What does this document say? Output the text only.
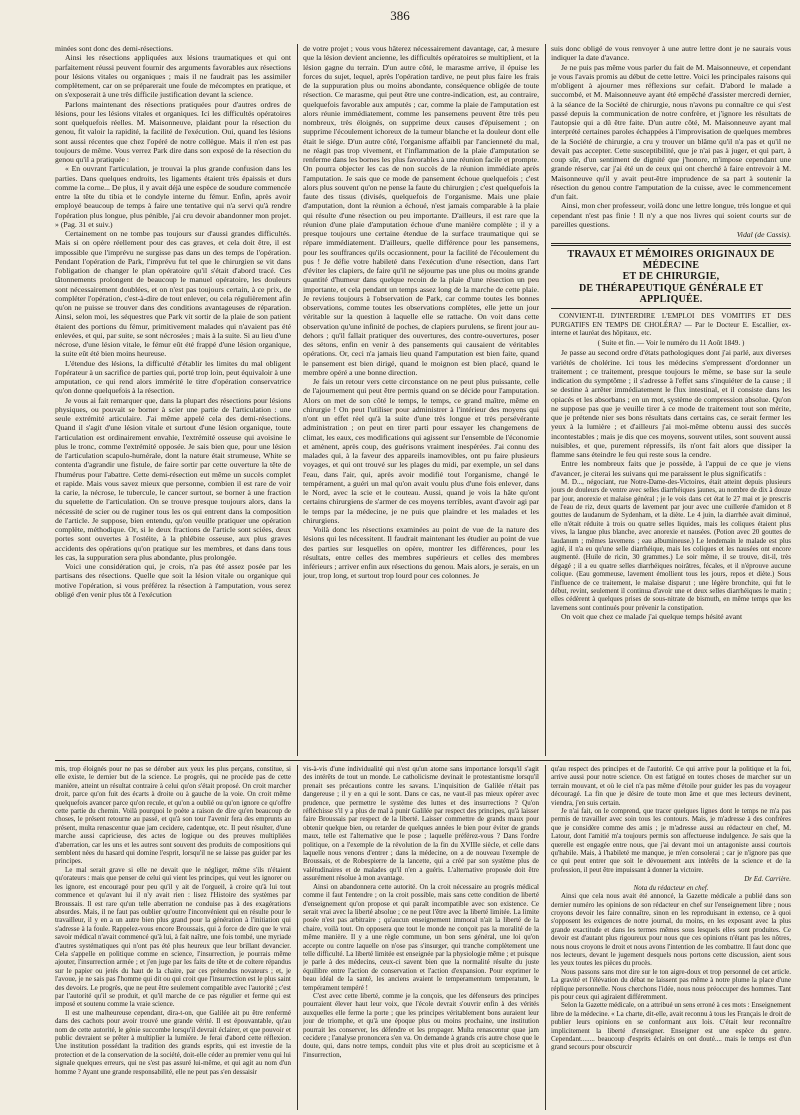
386

minées sont donc des demi-résections.

Ainsi les résections appliquées aux lésions traumatiques et qui ont parfaitement réussi peuvent fournir des arguments favorables aux résections pour lésions vitales ou organiques ; mais il ne faudrait pas les assimiler complètement, car on se préparerait une foule de mécomptes en pratique, et on s'exposerait à une très difficile justification devant la science.

Parlons maintenant des résections pratiquées pour d'autres ordres de lésions, pour les lésions vitales et organiques. Ici les difficultés opératoires sont quelquefois réelles. M. Maisonneuve, plaidant pour la résection du genou, fit valoir la rapidité, la facilité de l'exécution. Oui, quand les lésions sont aussi récentes que chez l'opéré de notre collègue. Mais il n'en est pas toujours de même. Vous verrez Park dire dans son exposé de la résection du genou qu'il a pratiquée :

« En ouvrant l'articulation, je trouvai la plus grande confusion dans les parties. Dans quelques endroits, les ligaments étaient très épaissis et durs comme la corne... De plus, il y avait déjà une espèce de soudure commencée entre la tête du tibia et le condyle interne du fémur. Enfin, après avoir employé beaucoup de temps à faire une tentative qui n'a servi qu'à rendre l'opération plus longue, plus pénible, j'ai cru devoir abandonner mon projet. » (Pag. 31 et suiv.)

Certainement on ne tombe pas toujours sur d'aussi grandes difficultés. Mais si on opère réellement pour des cas graves, et cela doit être, il est impossible que l'imprévu ne surgisse pas dans un des temps de l'opération. Pendant l'opération de Park, l'imprévu fut tel que le chirurgien se vit dans l'obligation de changer le plan opératoire qu'il s'était d'abord tracé. Ces tâtonnements prolongent de beaucoup le manuel opératoire, les douleurs sont nécessairement doublées, et on n'est pas toujours certain, à ce prix, de compléter l'opération, c'est-à-dire de tout enlever, ou cela régulièrement afin qu'on ne puisse se trouver dans des conditions avantageuses de réparation. Ainsi, selon moi, les séquestres que Park vit sortir de la plaie de son patient étaient des portions du fémur, primitivement malades qui n'avaient pas été enlevées, et qui, par suite, se sont nécrosées ; mais à la suite. Si au lieu d'une nécrose, d'une lésion vitale, le fémur eût été frappé d'une lésion organique, la suite eût été bien moins heureuse.

L'étendue des lésions, la difficulté d'établir les limites du mal obligent l'opérateur à un sacrifice de parties qui, porté trop loin, peut équivaloir à une amputation, ce qui rend alors immérité le titre d'opération conservatrice qu'on donne quelquefois à la résection.

Je vous ai fait remarquer que, dans la plupart des résections pour lésions physiques, ou pouvait se borner à scier une partie de l'articulation : une seule extrémité articulaire. J'ai même appelé cela des demi-résections. Quand il s'agit d'une lésion vitale et surtout d'une lésion organique, toute l'articulation est ordinairement envahie, l'extrémité osseuse qui avoisine le plus le tronc, comme l'extrémité opposée. Je sais bien que, pour une lésion de l'articulation scapulo-humérale, dont la nature était strumeuse, White se contenta d'agrandir une fistule, de faire sortir par cette ouverture la tête de l'humérus pour l'abattre. Cette demi-résection eut même un succès complet et rapide. Mais vous savez mieux que personne, combien il est rare de voir la carie, la nécrose, le tubercule, le cancer surtout, se borner à une fraction du squelette de l'articulation. On se trouve presque toujours alors, dans la nécessité de scier ou de ruginer tous les os qui entrent dans la composition de l'article. Je suppose, bien entendu, qu'on veuille pratiquer une opération complète, méthodique. Or, si le deux fractions de l'article sont sciées, deux portes sont ouvertes à l'ostéite, à la phlébite osseuse, aux plus graves accidents des opérations qu'on pratique sur les membres, et dans dans tous les cas, la suppuration sera plus abondante, plus prolongée.

Voici une considération qui, je crois, n'a pas été assez posée par les partisans des résections. Quelle que soit la lésion vitale ou organique qui motive l'opération, si vous préférez la résection à l'amputation, vous serez obligé d'en venir plus tôt à l'exécution

de votre projet ; vous vous hâterez nécessairement davantage, car, à mesure que la lésion devient ancienne, les difficultés opératoires se multiplient, et la lésion gagne du terrain. D'un autre côté, le marasme arrive, il épuise les forces du sujet, lequel, après l'opération tardive, ne peut plus faire les frais de la suppuration plus ou moins abondante, conséquence obligée de toute résection. Ce marasme, qui peut être une contre-indication, est, au contraire, quelquefois favorable aux amputés ; car, comme la plaie de l'amputation est alors réunie immédiatement, comme les pansemens peuvent être très peu nombreux, très éloignés, on supprime deux causes d'épuisement ; on supprime l'écoulement ichoreux de la tumeur blanche et la douleur dont elle était le siége. D'un autre côté, l'organisme affaibli par l'ancienneté du mal, ne réagit pas trop vivement, et l'inflammation de la plaie d'amputation se renferme dans les bornes les plus favorables à une réunion facile et prompte. On pourra objecter les cas de non succès de la réunion immédiate après l'amputation. Je sais que ce mode de pansement échoue quelquefois ; c'est alors plus souvent qu'on ne pense la faute du chirurgien ; c'est quelquefois la faute des tissus (divisés, quelquefois de l'organisme. Mais une plaie d'amputation, dont la réunion a échoué, n'est jamais comparable à la plaie qui résulte d'une résection ou peu importante. D'ailleurs, il est rare que la réunion d'une plaie d'amputation échoue d'une manière complète ; il y a presque toujours une certaine étendue de la surface traumatique qui se répare immédiatement. D'ailleurs, quelle différence pour les pansemens, pour les souffrances qu'ils occasionnent, pour la facilité de l'écoulement du pus ! Je défie votre habileté dans l'exécution d'une résection, dans l'art d'éviter les clapiers, de faire qu'il ne séjourne pas une plus ou moins grande quantité d'humeur dans quelque recoin de la plaie d'une résection un peu importante, et cela pendant un temps assez long de la marche de cette plaie. Je reviens toujours à l'observation de Park, car comme toutes les bonnes observations, comme toutes les observations complètes, elle jette un jour véritable sur la question à laquelle elle se rattache. On voit dans cette observation qu'une infinité de poches, de clapiers purulens, se firent jour au-dehors ; qu'il fallait pratiquer des ouvertures, des contre-ouvertures, poser des sétons, enfin en venir à des pansements qui causaient de véritables opérations. Or, ceci n'a jamais lieu quand l'amputation est bien faite, quand le pansement est bien dirigé, quand le moignon est bien placé, quand le membre opéré a une bonne direction.

Je fais un retour vers cette circonstance on ne peut plus puissante, celle de l'ajournement qui peut être permis quand on se décide pour l'amputation. Alors on met de son côté le temps, le temps, ce grand maître, même en chirurgie ! On peut l'utiliser pour administrer à l'intérieur des moyens qui n'ont un effet réel qu'à la suite d'une très longue et très persévérante administration ; on peut en tirer parti pour essayer les changemens de climat, les eaux, ces modifications qui agissent sur l'ensemble de l'économie et amènent, après coup, des guérisons vraiment inespérées. J'ai connu des malades qui, à la faveur des appareils inamovibles, ont pu faire plusieurs voyages, et qui ont trouvé sur les plages du midi, par exemple, un sel dans l'eau, dans l'air, qui, après avoir modifié tout l'organisme, changé le tempérament, a guéri un mal qu'on avait voulu plus d'une fois enlever, dans le Nord, avec la scie et le couteau. Aussi, quand je vois la hâte qu'ont certains chirurgiens de s'armer de ces moyens terribles, avant d'avoir agi par le temps par la médecine, je ne puis que plaindre et les malades et les chirurgiens.

Voilà donc les résections examinées au point de vue de la nature des lésions qui les nécessitent. Il faudrait maintenant les étudier au point de vue des parties sur lesquelles on opère, montrer les différences, pour les résultats, entre celles des membres supérieurs et celles des membres inférieurs ; arriver enfin aux résections du genou. Mais alors, je serais, en un jour, trop long, et surtout trop lourd pour ces colonnes. Je

suis donc obligé de vous renvoyer à une autre lettre dont je ne saurais vous indiquer la date d'avance.

Je ne puis pas même vous parler du fait de M. Maisonneuve, et cependant je vous l'avais promis au début de cette lettre. Voici les principales raisons qui m'obligent à ajourner mes réflexions sur cefait. D'abord le malade a succombé, et M. Maisonneuve ayant été empêché d'assister mercredi dernier, à la séance de la Société de chirurgie, nous n'avons pu connaître ce qui s'est passé depuis la communication de notre confrère, et j'ignore les résultats de l'autopsie qui a dû être faite. D'un autre côté, M. Maisonneuve ayant mal interprété certaines paroles échappées à l'improvisation de quelques membres de la Société de chirurgie, a cru y trouver un blâme qu'il n'a pas et qu'il ne devait pas accepter. Cette susceptibilité, que je n'ai pas à juger, et qui part, à coup sûr, d'un sentiment de dignité que j'honore, m'impose cependant une grande réserve, car j'ai été un de ceux qui ont cherché à faire entrevoir à M. Maisonneuve qu'il y avait peut-être imprudence de sa part à soutenir la résection du genou contre l'amputation de la cuisse, avec le commencement d'un fait.

Ainsi, mon cher professeur, voilà donc une lettre longue, très longue et qui cependant n'est pas finie ! Il n'y a que nos livres qui soient courts sur de pareilles questions.

Vidal (de Cassis).

TRAVAUX ET MÉMOIRES ORIGINAUX DE MÉDECINE
ET DE CHIRURGIE,
DE THÉRAPEUTIQUE GÉNÉRALE ET APPLIQUÉE.
CONVIENT-IL D'INTERDIRE L'EMPLOI DES VOMITIFS ET DES PURGATIFS EN TEMPS DE CHOLÉRA? — Par le Docteur E. Escallier, ex-interne et lauréat des hôpitaux, etc.
( Suite et fin. — Voir le numéro du 11 Août 1849. )

Je passe au second ordre d'états pathologiques dont j'ai parlé, aux diverses variétés de cholérine. Ici tous les médecins s'empressent d'ordonner un traitement ; ce traitement, presque toujours le même, se base sur la seule indication du symptôme ; il s'adresse à l'effet sans s'inquiéter de la cause ; il se destine à arrêter immédiatement le flux intestinal, et il consiste dans les opiacés et les absorbans ; en un mot, système de compression absolue. Qu'on ne suppose pas que je veuille tirer à ce mode de traitement tout son mérite, que je prétende nier ses bons résultats dans certains cas, ce serait fermer les yeux à la lumière ; et d'ailleurs j'ai moi-même obtenu aussi des succès incontestables ; mais je dis que ces moyens, souvent utiles, sont souvent aussi nuisibles, et que, purement répressifs, ils n'ont fait alors que dissiper la flamme sans éteindre le feu qui reste sous la cendre.

Entre les nombreux faits que je possède, à l'appui de ce que je viens d'avancer, je citerai les suivans qui me paraissent le plus significatifs :

M. D..., négociant, rue Notre-Dame-des-Victoires, était atteint depuis plusieurs jours de douleurs de ventre avec selles diarrhéiques jaunes, au nombre de dix à douze par jour, anorexie et malaise général ; je le vois dans cet état le 27 mai et je prescris de l'eau de riz, deux quarts de lavement par jour avec une cuillerée d'amidon et 8 gouttes de laudanum de Sydenham, et la diète. Le 4 juin, la diarrhée avait diminué, elle n'était réduite à trois ou quatre selles liquides, mais les coliques étaient plus vives, la langue plus blanche, avec anorexie et nausées. (Potion avec 20 gouttes de laudanum ; mêmes lavemens ; eau albumineuse.) Le lendemain le malade est plus agité, il n'a eu qu'une selle diarrhéique, mais les coliques et les nausées ont encore augmenté. (Huile de ricin, 30 grammes.) Le soir même, il se trouve, dit-il, très dégagé ; il a eu quatre selles diarrhéiques noirâtres, fécales, et il n'éprouve aucune colique. (Eau gommeuse, lavement émollient tous les jours, repos et diète.) Sous l'influence de ce traitement, le malaise disparut ; une légère bronchite, qui fut le début, revint, seulement il continua d'avoir une et deux selles diarrhéiques le matin ; elles cédèrent à quelques prises de sous-nitrate de bismuth, en même temps que les lavemens sont continués pour prévenir la constipation.

On voit que chez ce malade j'ai quelque temps hésité avant

mis, trop éloignés pour ne pas se dérober aux yeux les plus perçans, constitue, si elle existe, le dernier but de la science. Le progrès, qui ne procède pas de cette manière, atteint un résultat contraire à celui qu'on s'était proposé. On croit marcher droit, parce qu'on fuit des écarts à droite ou à gauche de la voie. On croit même quelquefois avancer parce qu'on recule, et qu'on a oublié ou qu'on ignore ce qu'offre cette partie du chemin. Voilà pourquoi le poète a raison de dire qu'en beaucoup de choses, le présent retourne au passé, et qu'à son tour l'avenir fera des emprunts au présent, multa renascentur quae jam cecidere, cadentque, etc. Il peut résulter, d'une marche aussi capricieuse, des actes de logique ou des preuves multipliées d'aberration, car les uns et les autres sont souvent des produits de compositions qui semblent nées du hasard qui domine l'esprit, lorsqu'il ne se laisse pas guider par les principes.

Le mal serait grave si elle ne devait que le négliger, même s'ils n'étaient qu'orateurs : mais que penser de celui qui vient les principes, qui veut les ignorer ou les ignore, est encouragé pour peu qu'il y ait de l'orgueil, à croire qu'à lui tout commence et qu'avant lui il n'y avait rien : lisez l'Histoire des systèmes par Broussais. Il est rare qu'un telle aberration ne conduise pas à des exagérations absurdes. Mais, il ne faut pas oublier qu'outre l'inconvénient qui en résulte pour le travailleur, il y en a un autre bien plus grand pour la génération à l'initiation qui s'adresse à la foule. Rappelez-vous encore Broussais, qui à force de dire que le vrai savoir médical n'avait commencé qu'à lui, à fait naître, une fois tombé, une myriade d'autres systématiques qui n'ont pas été plus heureux que leur brillant devancier. Cela s'appelle en politique comme en science, l'insurrection, je pourrais même ajouter, l'insurrection armée ; et j'en juge par les faits de tête et de coltere répandus sur le papier ou jetés du haut de la chaire, par ces prétendus novateurs ; et, je l'avoue, je ne sais pas l'homme qui dit ou qui croit que l'insurrection est le plus saint des devoirs. Le progrès, que ne peut être seulement compatible avec l'autorité ; c'est par l'autorité qu'il se produit, et qu'il marche de ce pas régulier et ferme qui est imposé et soutenu comme la vraie science.

Il est une malheureuse cependant, dira-t-on, que Galilée ait pu être renfermé dans des cachots pour avoir trouvé une grande vérité. Il est épouvantable, qu'au nom de cette autorité, le génie succombe lorsqu'il devrait éclairer, et que pouvoir et public devraient se prêter à multiplier la lumière. Je ferai d'abord cette réflexion. Une institution possédant la tradition des grands esprits, qui est investie de la protection et de la conservation de la société, doit-elle céder au premier venu qui lui signale quelques erreurs, qui ne s'est pas assuré lui-même, et qui agit au nom d'un homme ? Ayant une grande responsabilité, elle ne peut pas s'en dessaisir

vis-à-vis d'une individualité qui n'est qu'un atome sans importance lorsqu'il s'agit des intérêts de tout un monde. Le catholicisme devinait le protestantisme lorsqu'il prenait ses précautions contre les savans. L'inquisition de Galilée n'était pas dangereuse ; il y en a qui le sont. Dans ce cas, ne vaut-il pas mieux opérer avec prudence, que permettre le système des luttes et des insurrections ? Qu'on réfléchisse s'il y a plus de mal à punir Galilée par respect des principes, qu'à laisser faire Broussais par respect de la liberté. Laisser commettre de grands maux pour obtenir quelque bien, ou retarder de quelques années le bien pour éviter de grands maux, telle est l'alternative que le pose ; laquelle préférez-vous ? Dans l'ordre politique, on a l'exemple de la révolution de la fin du XVIIIe siècle, et celle dans laquelle nous venons d'entrer ; dans la médecine, on a de nouveau l'exemple de Broussais, et de Robespierre de la lancette, qui a créé par son système plus de valétudinaires et de malades qu'il n'en a guéris. L'alternative proposée doit être assurément résolue à mon avantage.

Ainsi on abandonnera cette autorité. On la croit nécessaire au progrès médical comme il faut l'entendre ; on la croit possible, mais sans cette condition de liberté d'enseignement qu'on propose et qui paraît incompatible avec son existence. Ce serait vrai avec la liberté absolue ; ce ne peut l'être avec la liberté limitée. La limite posée n'est pas arbitraire ; qu'aucun enseignement immoral n'ait la liberté de la chaire, voilà tout. On opposera que tout le monde ne conçoit pas la moralité de la même manière. Il y a une règle commune, un bon sens général, une loi qu'on accepte ou contre laquelle on n'ose pas s'insurger, qui tranche complètement une telle difficulté. La liberté limitée est enseignée par la physiologie même ; et puisque je parle à des médecins, ceux-ci savent bien que la normalité résulte du juste équilibre entre l'action de conservation et l'action d'expansion. Pour exprimer le beau idéal de la santé, les anciens avaient le temperamentum temperatum, le tempérament tempéré !

C'est avec cette liberté, comme je la conçois, que les défenseurs des principes pourraient élever haut leur voix, que l'école devrait s'ouvrir enfin à des vérités auxquelles elle ferme la porte ; que les principes véritablement bons auraient leur jour de triomphe, et qu'à une époque plus ou moins prochaine, une institution pourrait les conserver, les défendre et les propager. Multa renascentur quae jam cecidere ; l'analyse prononcera s'en va. On demande à grands cris autre chose que le doute, qui, dans notre temps, conduit plus vite et plus droit au scepticisme et à l'insurrection,

qu'au respect des principes et de l'autorité. Ce qui arrive pour la politique et la foi, arrive aussi pour notre science. On est fatigué en toutes choses de marcher sur un terrain mouvant, et où le ciel n'a pas même d'étoile pour guider les pas du voyageur découragé. La fin que je désire de toute mon âme et que mes lecteurs devinent, viendra, j'en suis certain.

Je n'ai fait, on le comprend, que tracer quelques lignes dont le temps ne m'a pas permis de travailler avec soin tous les contours. Mais, je m'adresse à des confrères que je considère comme des amis ; je m'adresse aussi au rédacteur en chef, M. Latour, dont l'amitié m'a toujours permis son affectueuse indulgence. Je sais que la querelle est engagée entre nous, que j'ai devant moi un antagoniste aussi courtois qu'habile. Mais, à l'habileté me manque, je m'en consolerai ; car je n'ignore pas que ce qui peut entrer que soit le dévouement aux intérêts de la science et de la profession, il peut être impuissant à donner la victoire.

Dr Ed. Carrière.

Nota du rédacteur en chef.

Ainsi que cela nous avait été annoncé, la Gazette médicale a publié dans son dernier numéro les opinions de son rédacteur en chef sur l'enseignement libre ; nous croyons devoir les faire connaître, sinon en les reproduisant in extenso, ce à quoi s'opposent les exigences de notre journal, du moins, en les exposant avec la plus grande exactitude et dans les termes mêmes sous lesquels elles sont produites. Ce devoir est d'autant plus rigoureux pour nous que ces opinions n'étant pas les nôtres, nous nous croyons le droit et nous avons l'intention de les combattre. Il faut donc que nos lecteurs, devant le jugement desquels nous portons cette discussion, aient sous les yeux toutes les pièces du procès.

Nous passons sans mot dire sur le ton aigre-doux et trop personnel de cet article. La gravité et l'élévation du débat ne laissent pas même à notre plume la place d'une réplique personnelle. Nous cherchons l'idée, nous nous préoccuper des hommes. Tant pis pour ceux qui agiraient différemment.

Selon la Gazette médicale, on a attribué un sens erroné à ces mots : Enseignement libre de la médecine. « La charte, dit-elle, avait reconnu à tous les Français le droit de publier leurs opinions en se conformant aux lois. C'était leur reconnaître implicitement la liberté d'enseigner. Enseigner est une espèce du genre. Cependant........ beaucoup d'esprits éclairés en ont douté.... mais le temps est d'un grand secours pour obscurcir
